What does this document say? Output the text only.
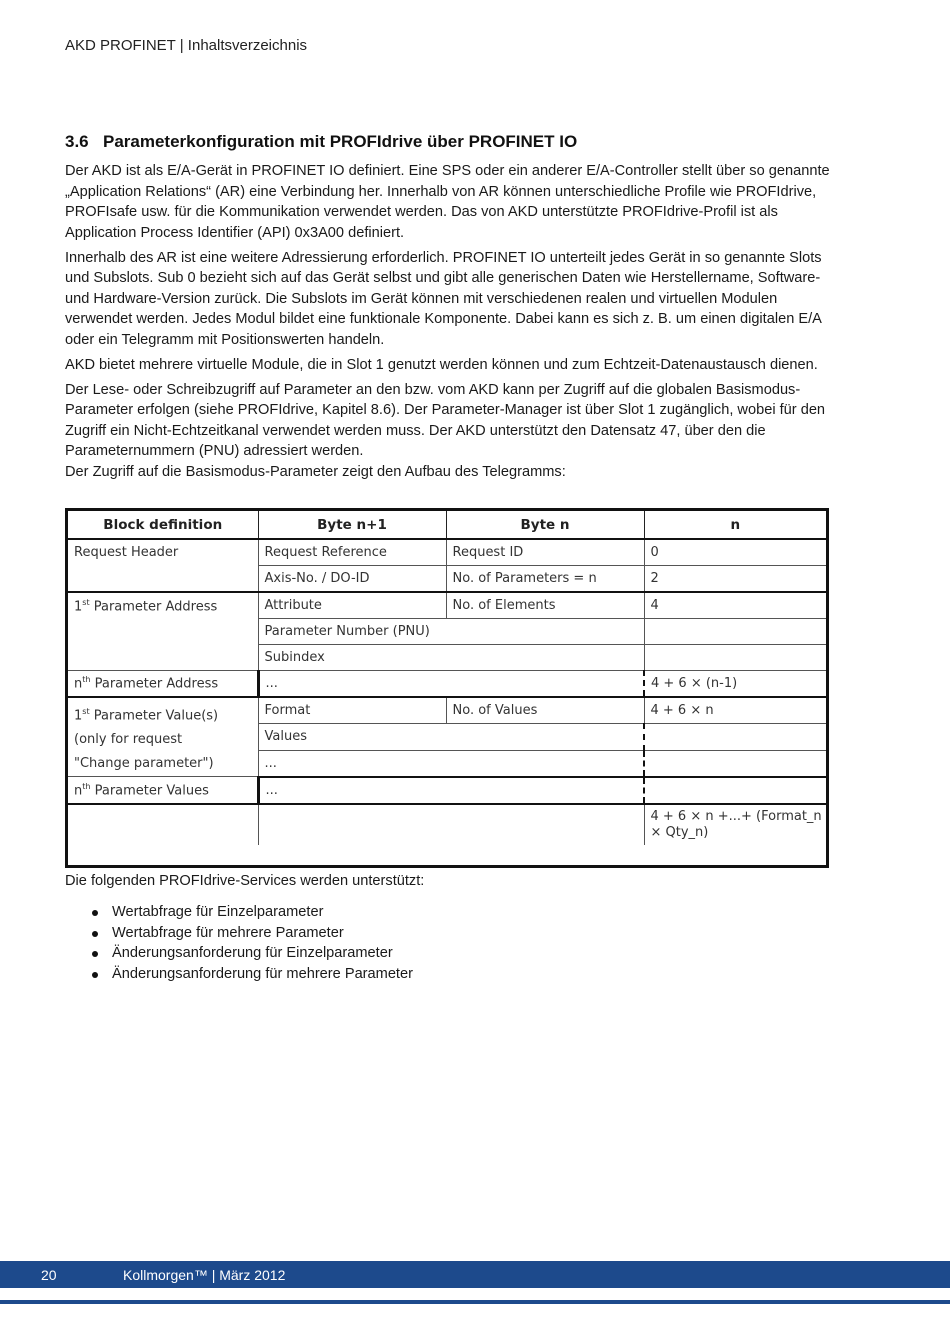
AKD PROFINET | Inhaltsverzeichnis
3.6 Parameterkonfiguration mit PROFIdrive über PROFINET IO

Der AKD ist als E/A-Gerät in PROFINET IO definiert. Eine SPS oder ein anderer E/A-Controller stellt über so genannte „Application Relations“ (AR) eine Verbindung her. Innerhalb von AR können unterschiedliche Profile wie PROFIdrive, PROFIsafe usw. für die Kommunikation verwendet werden. Das von AKD unterstützte PROFIdrive-Profil ist als Application Process Identifier (API) 0x3A00 definiert.

Innerhalb des AR ist eine weitere Adressierung erforderlich. PROFINET IO unterteilt jedes Gerät in so genannte Slots und Subslots. Sub 0 bezieht sich auf das Gerät selbst und gibt alle generischen Daten wie Herstellername, Software- und Hardware-Version zurück. Die Subslots im Gerät können mit verschiedenen realen und virtuellen Modulen verwendet werden. Jedes Modul bildet eine funktionale Komponente. Dabei kann es sich z. B. um einen digitalen E/A oder ein Telegramm mit Positionswerten handeln.

AKD bietet mehrere virtuelle Module, die in Slot 1 genutzt werden können und zum Echtzeit-Datenaustausch dienen.

Der Lese- oder Schreibzugriff auf Parameter an den bzw. vom AKD kann per Zugriff auf die globalen Basismodus-Parameter erfolgen (siehe PROFIdrive, Kapitel 8.6). Der Parameter-Manager ist über Slot 1 zugänglich, wobei für den Zugriff ein Nicht-Echtzeitkanal verwendet werden muss. Der AKD unterstützt den Datensatz 47, über den die Parameternummern (PNU) adressiert werden.

Der Zugriff auf die Basismodus-Parameter zeigt den Aufbau des Telegramms:

Block definition	Byte n+1	Byte n	n
Request Header	Request Reference	Request ID	0
	Axis-No. / DO-ID	No. of Parameters = n	2
1st Parameter Address	Attribute	No. of Elements	4
	Parameter Number (PNU)		
	Subindex		
$n^{th}$ Parameter Address	...		4 + 6 × (n-1)
1st Parameter Value(s)
(only for request
"Change parameter")	Format	No. of Values	4 + 6 × n
	Values		
	...		
$n^{th}$ Parameter Values	...		
			4 + 6 × n +...+ (Format_n × Qty_n)
Die folgenden PROFIdrive-Services werden unterstützt:
Wertabfrage für Einzelparameter
Wertabfrage für mehrere Parameter
Änderungsanforderung für Einzelparameter
Änderungsanforderung für mehrere Parameter
20	Kollmorgen™ | März 2012
